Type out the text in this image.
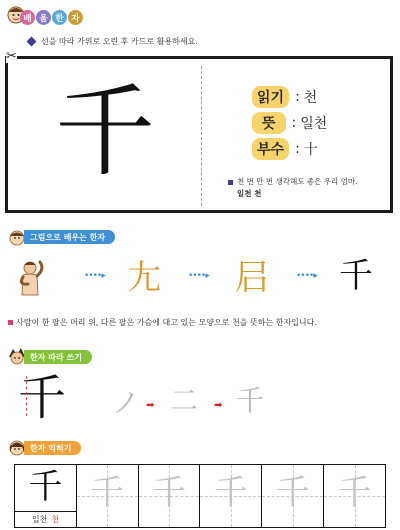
배 움 한 자
선을 따라 가위로 오린 후 카드로 활용하세요.
✂
千	읽기 : 천
뜻	: 일천
부수 : 十
천 번 만 번 생각해도 좋은 우리 엄마.
일천 천
그림으로 배우는 한자
••••▸ 𡯁	••••▸ 𡰪	••••▸ 千
사람이 한 팔은 머리 위, 다른 팔은 가슴에 대고 있는 모양으로 천을 뜻하는 한자입니다.
한자 따라 쓰기
千 ノ ➡ 二 ➡ 千
한자 익히기
千
일천 천
千 千 千 千 千
